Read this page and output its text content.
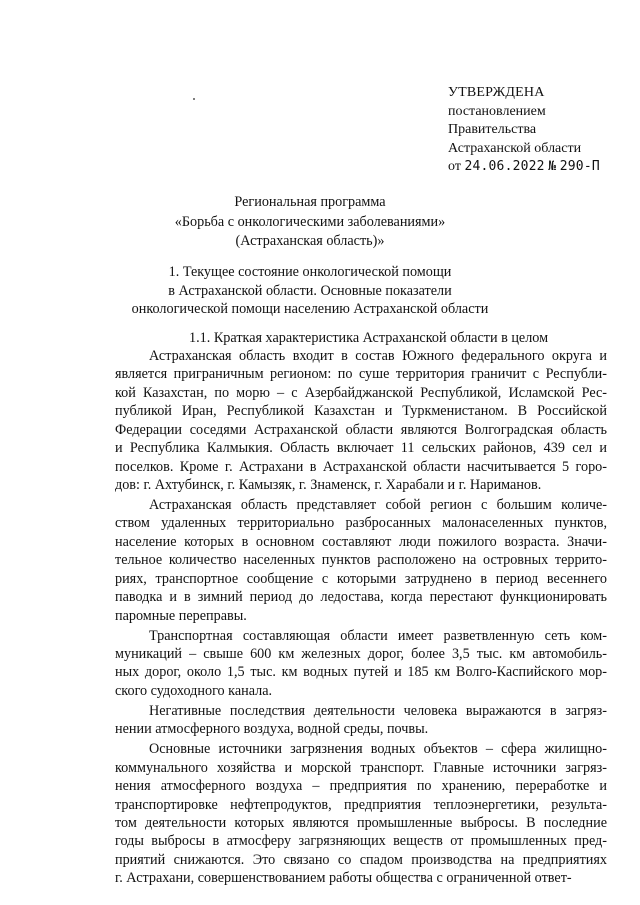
УТВЕРЖДЕНА
постановлением
Правительства
Астраханской области
от 24.06.2022 № 290-П
Региональная программа
«Борьба с онкологическими заболеваниями»
(Астраханская область)»
1. Текущее состояние онкологической помощи
в Астраханской области. Основные показатели
онкологической помощи населению Астраханской области
1.1. Краткая характеристика Астраханской области в целом
Астраханская область входит в состав Южного федерального округа и
является приграничным регионом: по суше территория граничит с Республи-
кой Казахстан, по морю – с Азербайджанской Республикой, Исламской Рес-
публикой Иран, Республикой Казахстан и Туркменистаном. В Российской
Федерации соседями Астраханской области являются Волгоградская область
и Республика Калмыкия. Область включает 11 сельских районов, 439 сел и
поселков. Кроме г. Астрахани в Астраханской области насчитывается 5 горо-
дов: г. Ахтубинск, г. Камызяк, г. Знаменск, г. Харабали и г. Нариманов.
Астраханская область представляет собой регион с большим количе-
ством удаленных территориально разбросанных малонаселенных пунктов,
население которых в основном составляют люди пожилого возраста. Значи-
тельное количество населенных пунктов расположено на островных террито-
риях, транспортное сообщение с которыми затруднено в период весеннего
паводка и в зимний период до ледостава, когда перестают функционировать
паромные переправы.
Транспортная составляющая области имеет разветвленную сеть ком-
муникаций – свыше 600 км железных дорог, более 3,5 тыс. км автомобиль-
ных дорог, около 1,5 тыс. км водных путей и 185 км Волго-Каспийского мор-
ского судоходного канала.
Негативные последствия деятельности человека выражаются в загряз-
нении атмосферного воздуха, водной среды, почвы.
Основные источники загрязнения водных объектов – сфера жилищно-
коммунального хозяйства и морской транспорт. Главные источники загряз-
нения атмосферного воздуха – предприятия по хранению, переработке и
транспортировке нефтепродуктов, предприятия теплоэнергетики, результа-
том деятельности которых являются промышленные выбросы. В последние
годы выбросы в атмосферу загрязняющих веществ от промышленных пред-
приятий снижаются. Это связано со спадом производства на предприятиях
г. Астрахани, совершенствованием работы общества с ограниченной ответ-
